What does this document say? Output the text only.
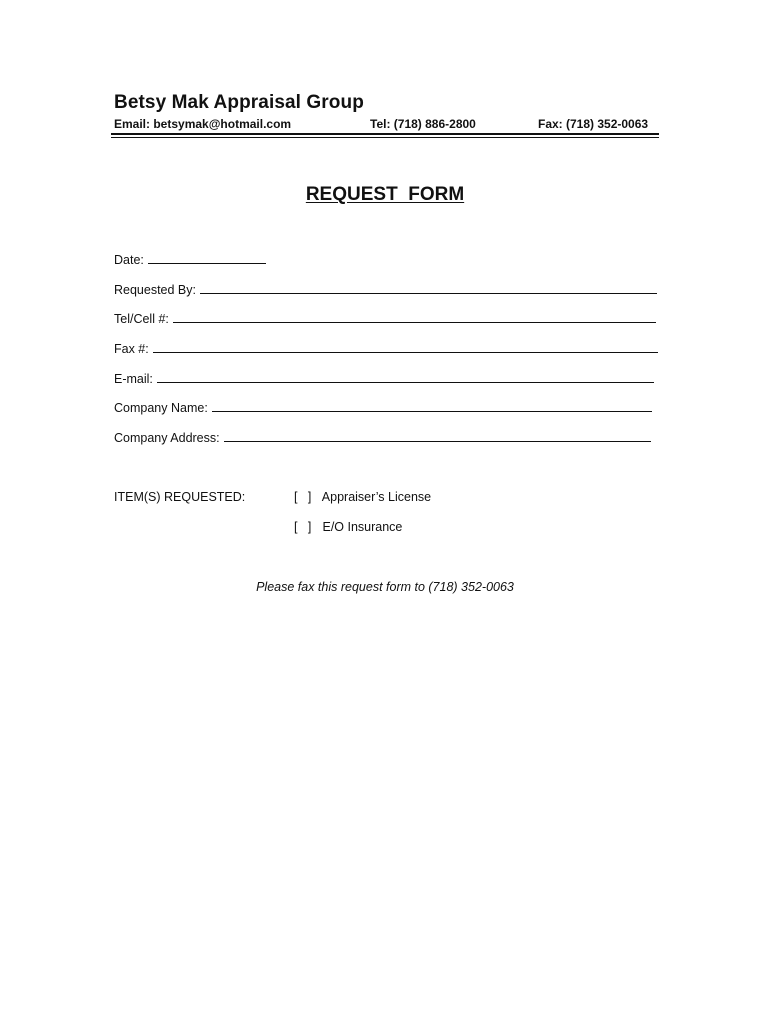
Betsy Mak Appraisal Group
Email: betsymak@hotmail.com	Tel: (718) 886-2800	Fax: (718) 352-0063
REQUEST  FORM
Date:
Requested By:
Tel/Cell #:
Fax #:
E-mail:
Company Name:
Company Address:
ITEM(S) REQUESTED:	[   ] Appraiser’s License
[   ] E/O Insurance
Please fax this request form to (718) 352-0063
